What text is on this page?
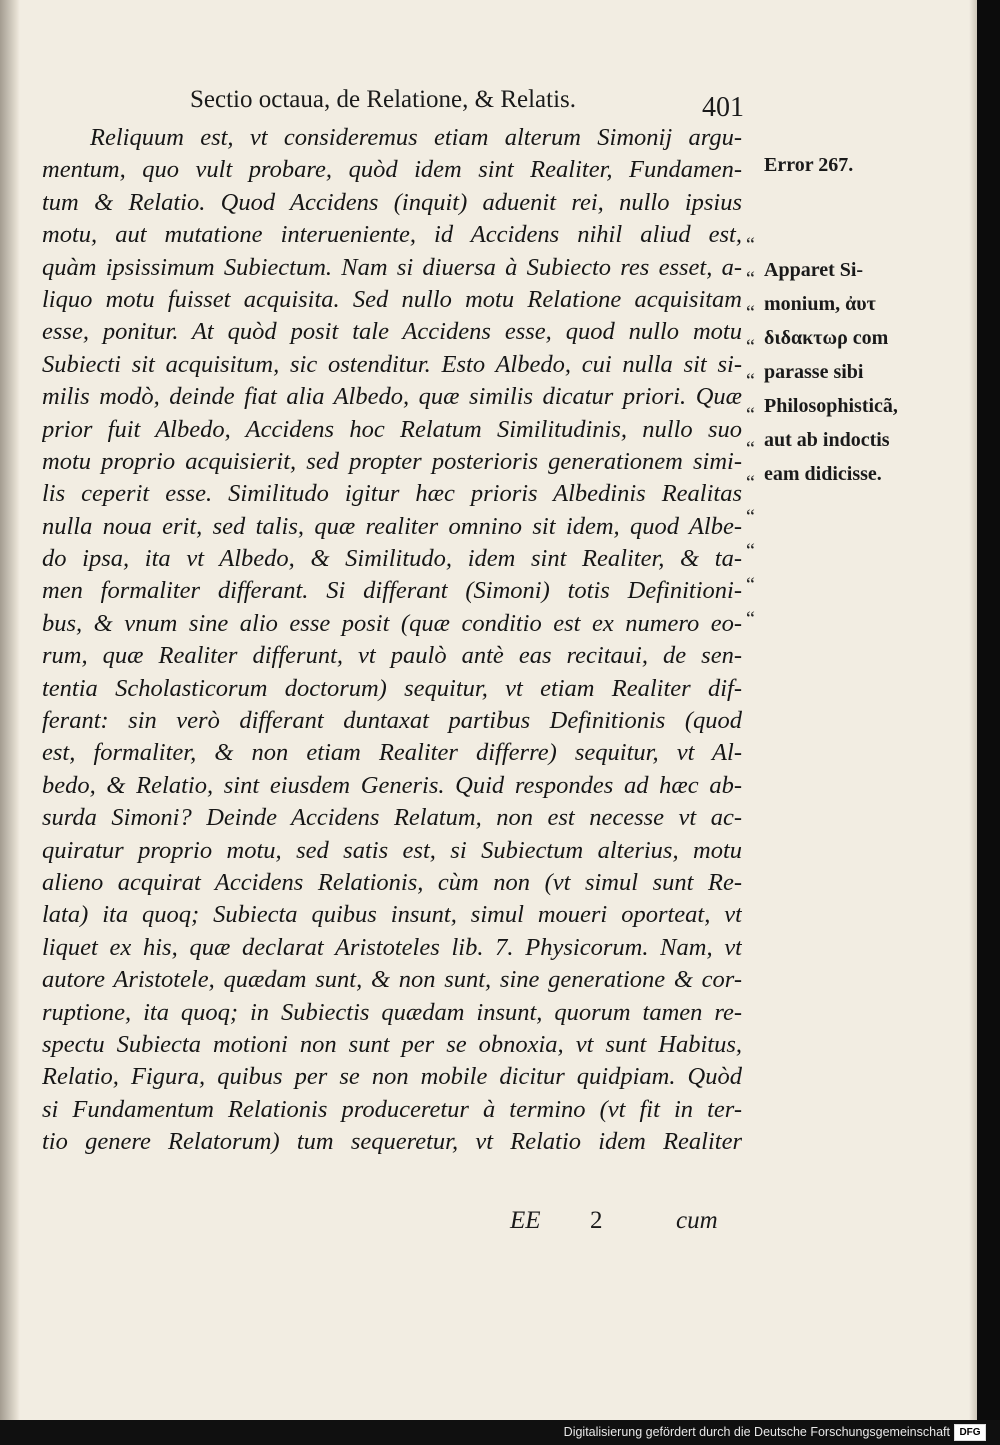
Sectio octaua, de Relatione, & Relatis.	401
Reliquum est, vt consideremus etiam alterum Simonij argu-
mentum, quo vult probare, quòd idem sint Realiter, Fundamen-
tum & Relatio. Quod Accidens (inquit) aduenit rei, nullo ipsius
motu, aut mutatione interueniente, id Accidens nihil aliud est,
quàm ipsissimum Subiectum. Nam si diuersa à Subiecto res esset, a-
liquo motu fuisset acquisita. Sed nullo motu Relatione acquisitam
esse, ponitur. At quòd posit tale Accidens esse, quod nullo motu
Subiecti sit acquisitum, sic ostenditur. Esto Albedo, cui nulla sit si-
milis modò, deinde fiat alia Albedo, quæ similis dicatur priori. Quæ
prior fuit Albedo, Accidens hoc Relatum Similitudinis, nullo suo
motu proprio acquisierit, sed propter posterioris generationem simi-
lis ceperit esse. Similitudo igitur hæc prioris Albedinis Realitas
nulla noua erit, sed talis, quæ realiter omnino sit idem, quod Albe-
do ipsa, ita vt Albedo, & Similitudo, idem sint Realiter, & ta-
men formaliter differant. Si differant (Simoni) totis Definitioni-
bus, & vnum sine alio esse posit (quæ conditio est ex numero eo-
rum, quæ Realiter differunt, vt paulò antè eas recitaui, de sen-
tentia Scholasticorum doctorum) sequitur, vt etiam Realiter dif-
ferant: sin verò differant duntaxat partibus Definitionis (quod
est, formaliter, & non etiam Realiter differre) sequitur, vt Al-
bedo, & Relatio, sint eiusdem Generis. Quid respondes ad hæc ab-
surda Simoni? Deinde Accidens Relatum, non est necesse vt ac-
quiratur proprio motu, sed satis est, si Subiectum alterius, motu
alieno acquirat Accidens Relationis, cùm non (vt simul sunt Re-
lata) ita quoq; Subiecta quibus insunt, simul moueri oporteat, vt
liquet ex his, quæ declarat Aristoteles lib. 7. Physicorum. Nam, vt
autore Aristotele, quædam sunt, & non sunt, sine generatione & cor-
ruptione, ita quoq; in Subiectis quædam insunt, quorum tamen re-
spectu Subiecta motioni non sunt per se obnoxia, vt sunt Habitus,
Relatio, Figura, quibus per se non mobile dicitur quidpiam. Quòd
si Fundamentum Relationis produceretur à termino (vt fit in ter-
tio genere Relatorum) tum sequeretur, vt Relatio idem Realiter
“
“
“
“
“
“
“
“
“
“
“
“
Error 267.
Apparet Si-
monium, ἀυτ
διδακτωρ com
parasse sibi
Philosophisticã,
aut ab indoctis
eam didicisse.
EE 2	cum
Digitalisierung gefördert durch die Deutsche Forschungsgemeinschaft DFG
